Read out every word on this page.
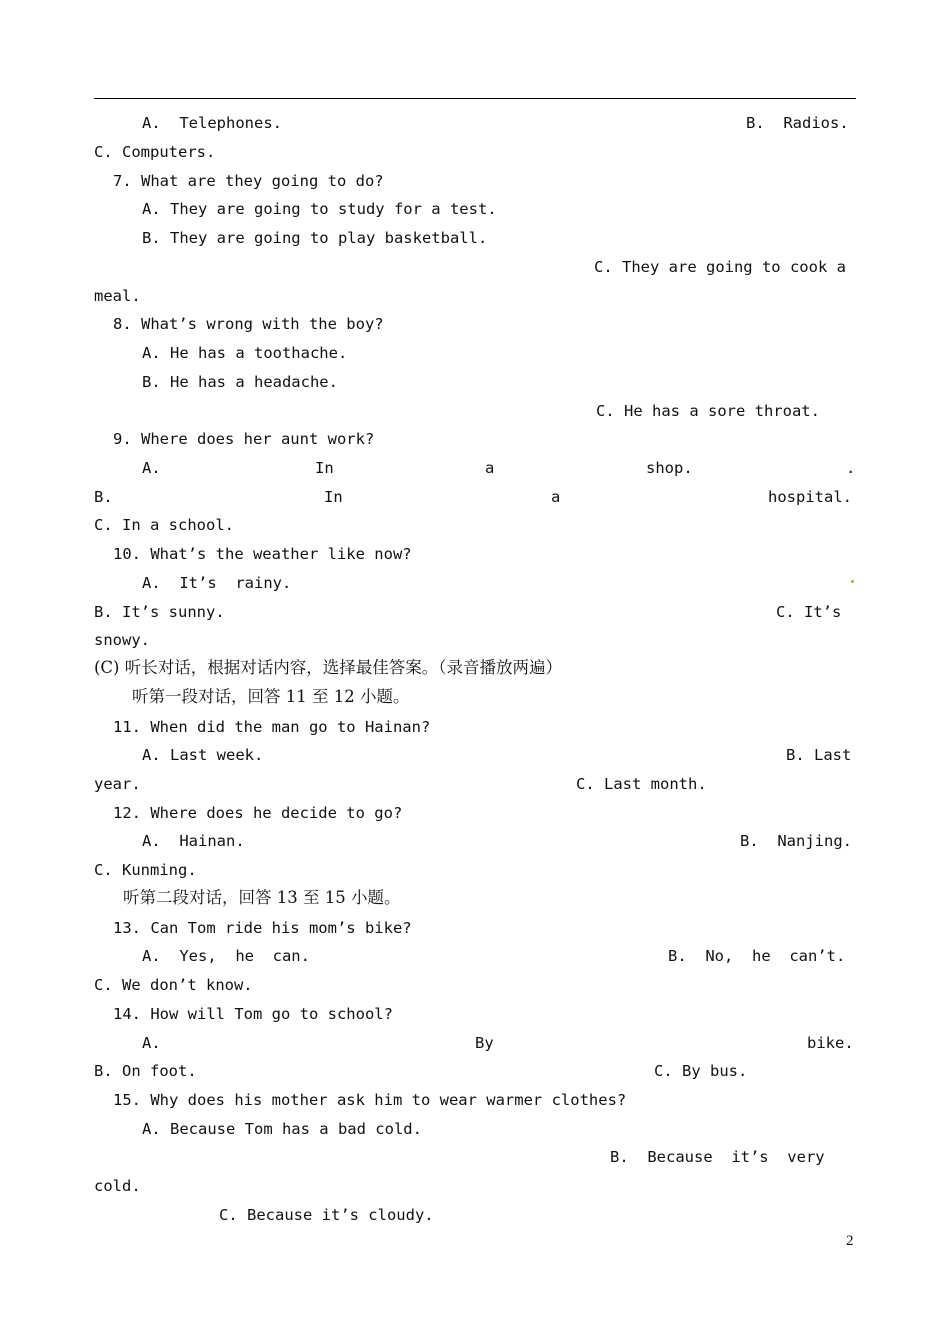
A.  Telephones.	B.  Radios.
C. Computers.
7. What are they going to do?
A. They are going to study for a test.
B. They are going to play basketball.
C. They are going to cook a
meal.
8. What’s wrong with the boy?
A. He has a toothache.
B. He has a headache.
C. He has a sore throat.
9. Where does her aunt work?
A.	In	a	shop.	.
B.	In	a	hospital.
C. In a school.
10. What’s the weather like now?
A.  It’s  rainy.
B. It’s sunny.	C. It’s
snowy.
(C) 听长对话，根据对话内容，选择最佳答案。（录音播放两遍）
听第一段对话，回答 11 至 12 小题。
11. When did the man go to Hainan?
A. Last week.	B. Last
year.	C. Last month.
12. Where does he decide to go?
A.  Hainan.	B.  Nanjing.
C. Kunming.
听第二段对话，回答 13 至 15 小题。
13. Can Tom ride his mom’s bike?
A.  Yes,  he  can.	B.  No,  he  can’t.
C. We don’t know.
14. How will Tom go to school?
A.	By	bike.
B. On foot.	C. By bus.
15. Why does his mother ask him to wear warmer clothes?
A. Because Tom has a bad cold.
B.  Because  it’s  very
cold.
C. Because it’s cloudy.
2
